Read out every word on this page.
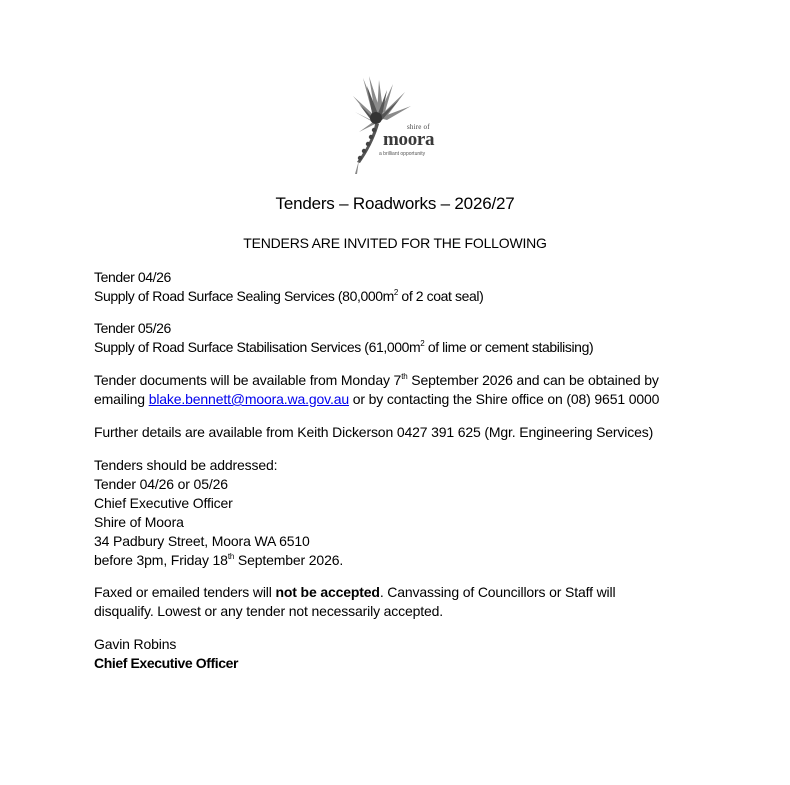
shire of
moora
a brilliant opportunity
Tenders – Roadworks – 2026/27
TENDERS ARE INVITED FOR THE FOLLOWING
Tender 04/26
Supply of Road Surface Sealing Services ($80,000m^2$ of 2 coat seal)
Tender 05/26
Supply of Road Surface Stabilisation Services ($61,000m^2$ of lime or cement stabilising)
Tender documents will be available from Monday 7th September 2026 and can be obtained by
emailing blake.bennett@moora.wa.gov.au or by contacting the Shire office on (08) 9651 0000
Further details are available from Keith Dickerson 0427 391 625 (Mgr. Engineering Services)
Tenders should be addressed:
Tender 04/26 or 05/26
Chief Executive Officer
Shire of Moora
34 Padbury Street, Moora WA 6510
before 3pm, Friday 18th September 2026.
Faxed or emailed tenders will not be accepted. Canvassing of Councillors or Staff will
disqualify. Lowest or any tender not necessarily accepted.
Gavin Robins
Chief Executive Officer
